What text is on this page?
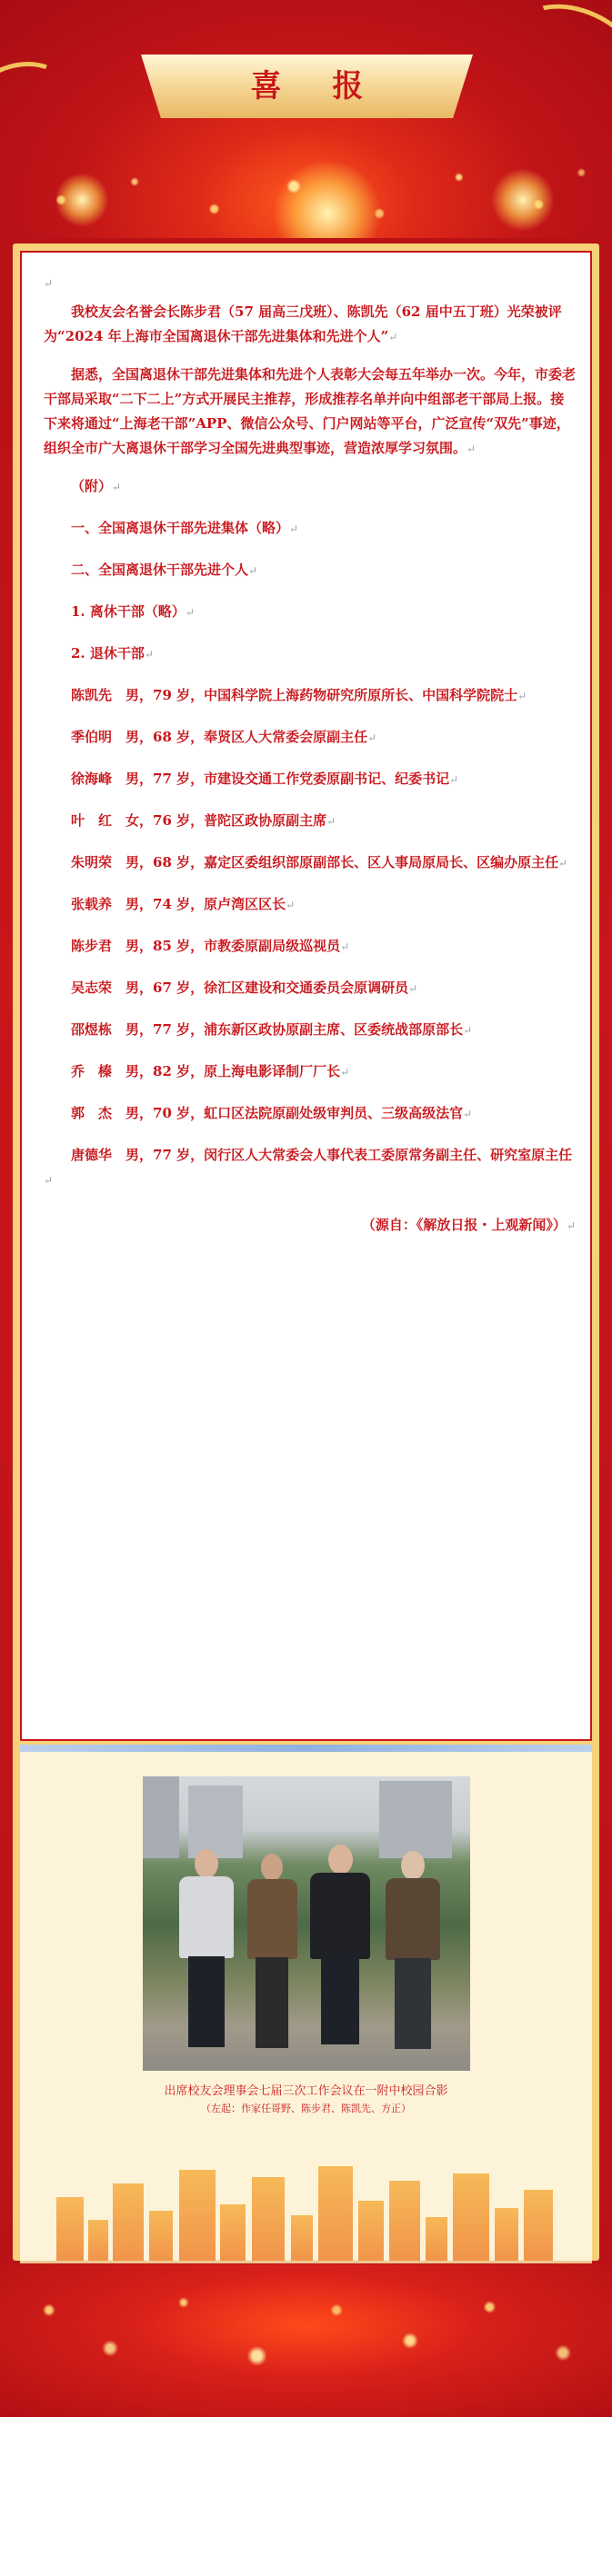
喜 报

↵

我校友会名誉会长陈步君（57 届高三戊班）、陈凯先（62 届中五丁班）光荣被评为“2024 年上海市全国离退休干部先进集体和先进个人”↵

据悉，全国离退休干部先进集体和先进个人表彰大会每五年举办一次。今年，市委老干部局采取“二下二上”方式开展民主推荐，形成推荐名单并向中组部老干部局上报。接下来将通过“上海老干部”APP、微信公众号、门户网站等平台，广泛宣传“双先”事迹，组织全市广大离退休干部学习全国先进典型事迹，营造浓厚学习氛围。↵

（附）↵

一、全国离退休干部先进集体（略）↵

二、全国离退休干部先进个人↵

1. 离休干部（略）↵

2. 退休干部↵

陈凯先　男，79 岁，中国科学院上海药物研究所原所长、中国科学院院士↵

季伯明　男，68 岁，奉贤区人大常委会原副主任↵

徐海峰　男，77 岁，市建设交通工作党委原副书记、纪委书记↵

叶　红　女，76 岁，普陀区政协原副主席↵

朱明荣　男，68 岁，嘉定区委组织部原副部长、区人事局原局长、区编办原主任↵

张载养　男，74 岁，原卢湾区区长↵

陈步君　男，85 岁，市教委原副局级巡视员↵

吴志荣　男，67 岁，徐汇区建设和交通委员会原调研员↵

邵煜栋　男，77 岁，浦东新区政协原副主席、区委统战部原部长↵

乔　榛　男，82 岁，原上海电影译制厂厂长↵

郭　杰　男，70 岁，虹口区法院原副处级审判员、三级高级法官↵

唐德华　男，77 岁，闵行区人大常委会人事代表工委原常务副主任、研究室原主任↵

（源自：《解放日报・上观新闻》）↵

出席校友会理事会七届三次工作会议在一附中校园合影
（左起：作家任哥野、陈步君、陈凯先、方正）
